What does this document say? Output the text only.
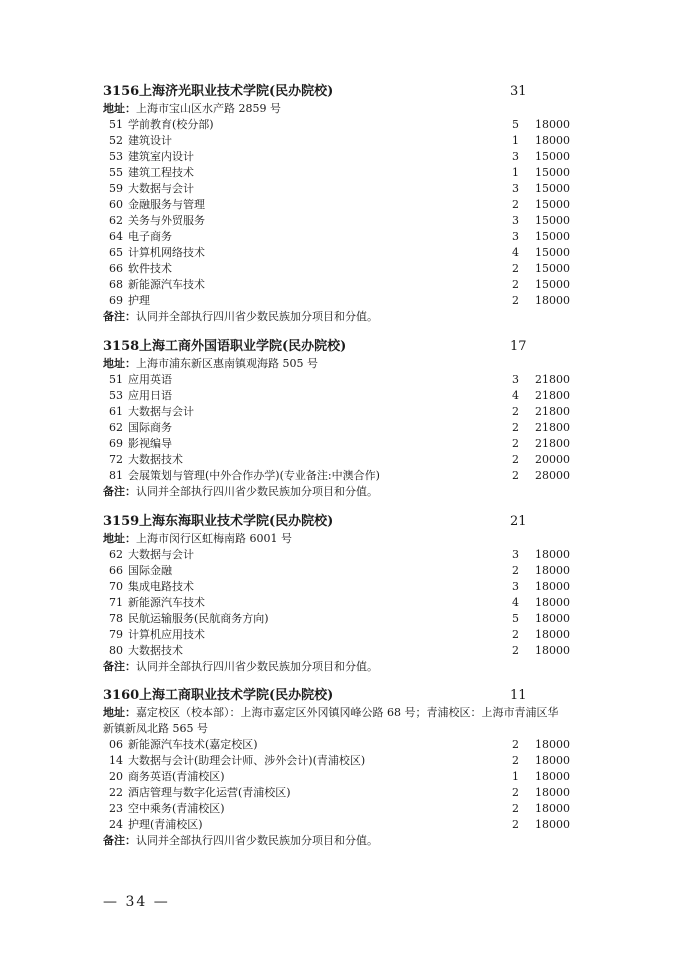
3156 上海济光职业技术学院(民办院校)	31
地址：上海市宝山区水产路 2859 号
51 学前教育(校分部)	5 18000
52 建筑设计	1 18000
53 建筑室内设计	3 15000
55 建筑工程技术	1 15000
59 大数据与会计	3 15000
60 金融服务与管理	2 15000
62 关务与外贸服务	3 15000
64 电子商务	3 15000
65 计算机网络技术	4 15000
66 软件技术	2 15000
68 新能源汽车技术	2 15000
69 护理	2 18000
备注：认同并全部执行四川省少数民族加分项目和分值。
3158 上海工商外国语职业学院(民办院校)	17
地址：上海市浦东新区惠南镇观海路 505 号
51 应用英语	3 21800
53 应用日语	4 21800
61 大数据与会计	2 21800
62 国际商务	2 21800
69 影视编导	2 21800
72 大数据技术	2 20000
81 会展策划与管理(中外合作办学)(专业备注:中澳合作)	2 28000
备注：认同并全部执行四川省少数民族加分项目和分值。
3159 上海东海职业技术学院(民办院校)	21
地址：上海市闵行区虹梅南路 6001 号
62 大数据与会计	3 18000
66 国际金融	2 18000
70 集成电路技术	3 18000
71 新能源汽车技术	4 18000
78 民航运输服务(民航商务方向)	5 18000
79 计算机应用技术	2 18000
80 大数据技术	2 18000
备注：认同并全部执行四川省少数民族加分项目和分值。
3160 上海工商职业技术学院(民办院校)	11
地址：嘉定校区（校本部）：上海市嘉定区外冈镇冈峰公路 68 号；青浦校区：上海市青浦区华新镇新凤北路 565 号
06 新能源汽车技术(嘉定校区)	2 18000
14 大数据与会计(助理会计师、涉外会计)(青浦校区)	2 18000
20 商务英语(青浦校区)	1 18000
22 酒店管理与数字化运营(青浦校区)	2 18000
23 空中乘务(青浦校区)	2 18000
24 护理(青浦校区)	2 18000
备注：认同并全部执行四川省少数民族加分项目和分值。
— 34 —
